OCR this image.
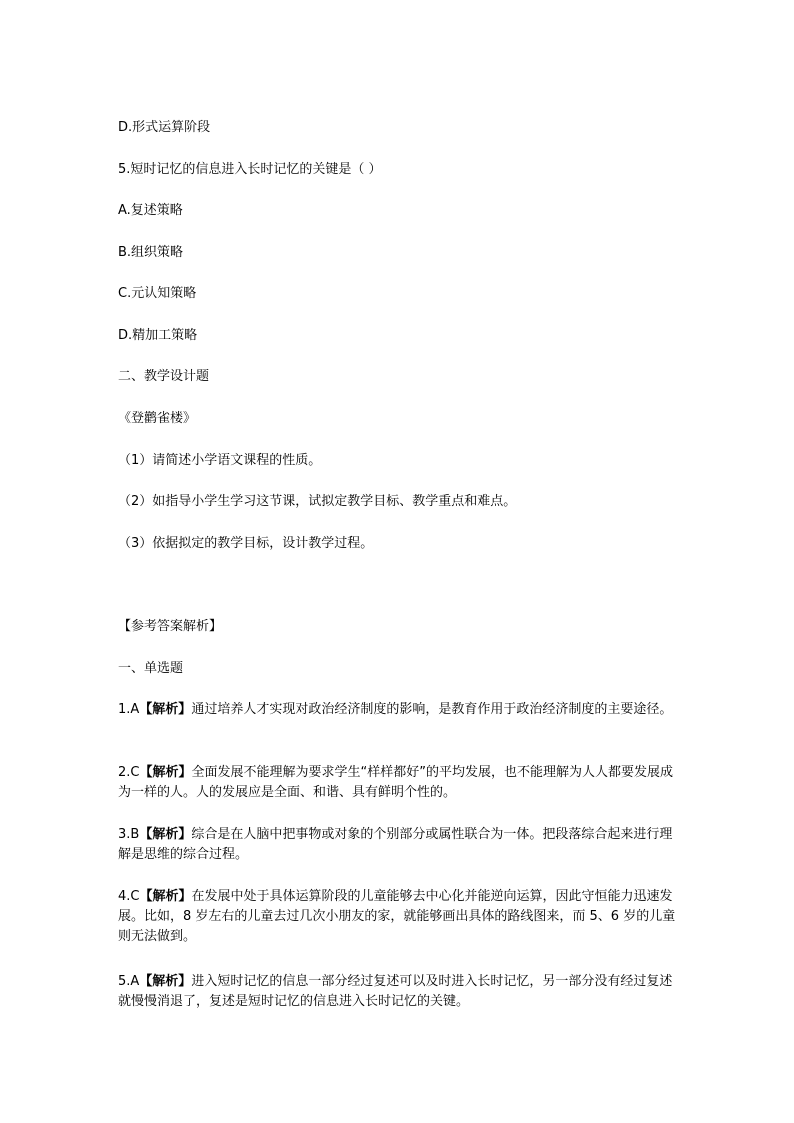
D.形式运算阶段
5.短时记忆的信息进入长时记忆的关键是（ ）
A.复述策略
B.组织策略
C.元认知策略
D.精加工策略
二、教学设计题
《登鹳雀楼》
（1）请简述小学语文课程的性质。
（2）如指导小学生学习这节课，试拟定教学目标、教学重点和难点。
（3）依据拟定的教学目标，设计教学过程。
【参考答案解析】
一、单选题
1.A【解析】通过培养人才实现对政治经济制度的影响，是教育作用于政治经济制度的主要途径。
2.C【解析】全面发展不能理解为要求学生“样样都好”的平均发展，也不能理解为人人都要发展成为一样的人。人的发展应是全面、和谐、具有鲜明个性的。
3.B【解析】综合是在人脑中把事物或对象的个别部分或属性联合为一体。把段落综合起来进行理解是思维的综合过程。
4.C【解析】在发展中处于具体运算阶段的儿童能够去中心化并能逆向运算，因此守恒能力迅速发展。比如，8 岁左右的儿童去过几次小朋友的家，就能够画出具体的路线图来，而 5、6 岁的儿童则无法做到。
5.A【解析】进入短时记忆的信息一部分经过复述可以及时进入长时记忆，另一部分没有经过复述就慢慢消退了，复述是短时记忆的信息进入长时记忆的关键。
